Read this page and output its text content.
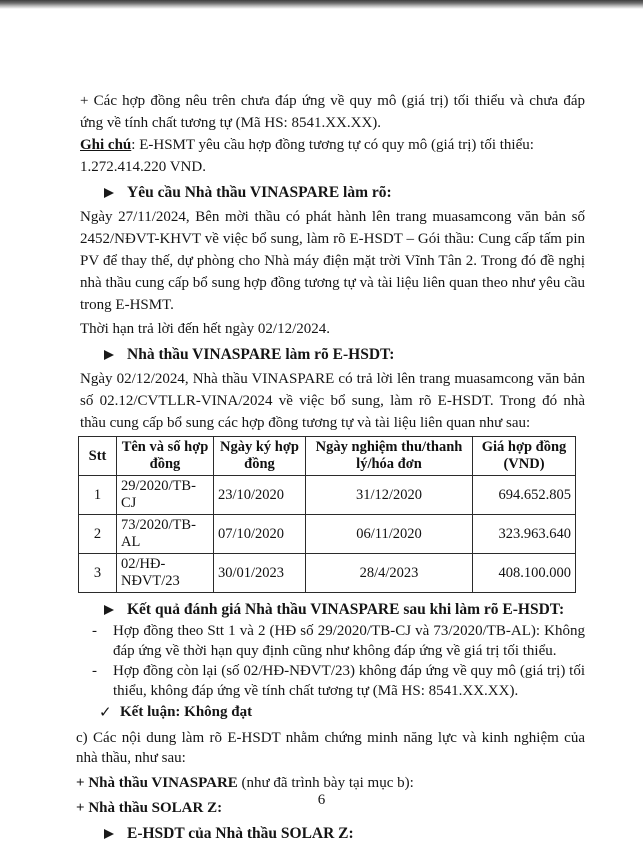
+ Các hợp đồng nêu trên chưa đáp ứng về quy mô (giá trị) tối thiểu và chưa đáp ứng về tính chất tương tự (Mã HS: 8541.XX.XX).

Ghi chú: E-HSMT yêu cầu hợp đồng tương tự có quy mô (giá trị) tối thiểu:
1.272.414.220 VND.
Yêu cầu Nhà thầu VINASPARE làm rõ:

Ngày 27/11/2024, Bên mời thầu có phát hành lên trang muasamcong văn bản số 2452/NĐVT-KHVT về việc bổ sung, làm rõ E-HSDT – Gói thầu: Cung cấp tấm pin PV để thay thế, dự phòng cho Nhà máy điện mặt trời Vĩnh Tân 2. Trong đó đề nghị nhà thầu cung cấp bổ sung hợp đồng tương tự và tài liệu liên quan theo như yêu cầu trong E-HSMT.

Thời hạn trả lời đến hết ngày 02/12/2024.

Nhà thầu VINASPARE làm rõ E-HSDT:

Ngày 02/12/2024, Nhà thầu VINASPARE có trả lời lên trang muasamcong văn bản số 02.12/CVTLLR-VINA/2024 về việc bổ sung, làm rõ E-HSDT. Trong đó nhà thầu cung cấp bổ sung các hợp đồng tương tự và tài liệu liên quan như sau:

Stt	Tên và số hợp đồng	Ngày ký hợp đồng	Ngày nghiệm thu/thanh lý/hóa đơn	Giá hợp đồng (VND)
1	29/2020/TB-CJ	23/10/2020	31/12/2020	694.652.805
2	73/2020/TB-AL	07/10/2020	06/11/2020	323.963.640
3	02/HĐ-NĐVT/23	30/01/2023	28/4/2023	408.100.000
Kết quả đánh giá Nhà thầu VINASPARE sau khi làm rõ E-HSDT:
-	Hợp đồng theo Stt 1 và 2 (HĐ số 29/2020/TB-CJ và 73/2020/TB-AL): Không đáp ứng về thời hạn quy định cũng như không đáp ứng về giá trị tối thiểu.
-	Hợp đồng còn lại (số 02/HĐ-NĐVT/23) không đáp ứng về quy mô (giá trị) tối thiểu, không đáp ứng về tính chất tương tự (Mã HS: 8541.XX.XX).
✓ Kết luận: Không đạt

c) Các nội dung làm rõ E-HSDT nhằm chứng minh năng lực và kinh nghiệm của nhà thầu, như sau:

+ Nhà thầu VINASPARE (như đã trình bày tại mục b):

+ Nhà thầu SOLAR Z:

E-HSDT của Nhà thầu SOLAR Z:
6
